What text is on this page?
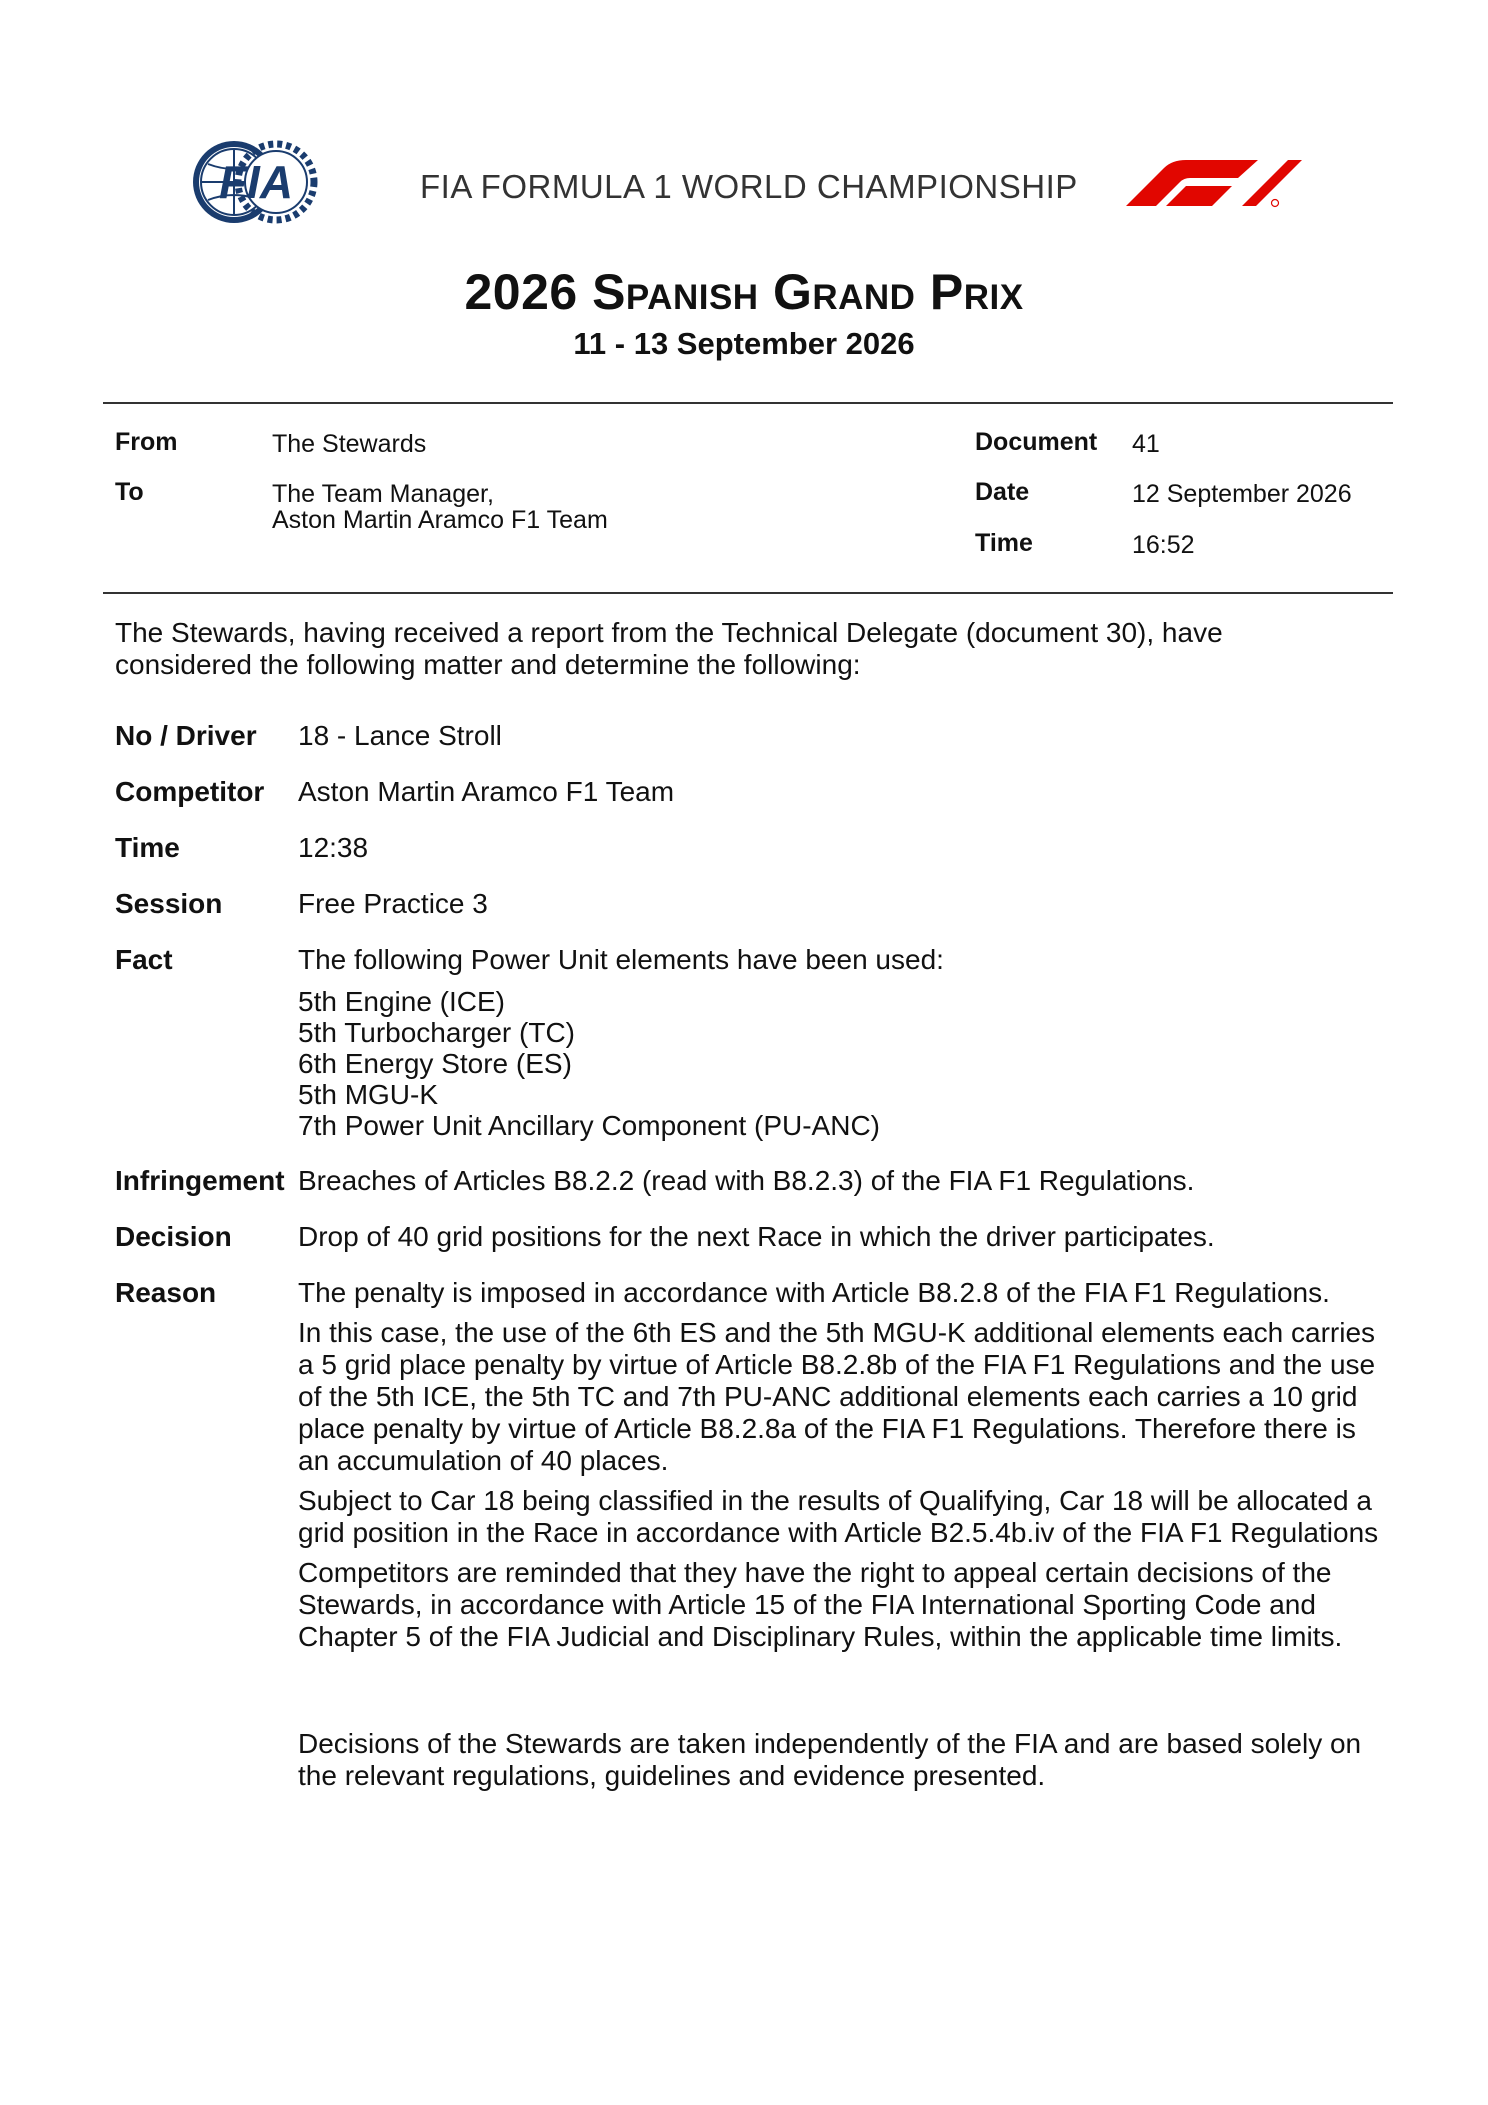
FIA	FIA FORMULA 1 WORLD CHAMPIONSHIP
2026 Spanish Grand Prix
11 - 13 September 2026
From	The Stewards
To	The Team Manager,
Aston Martin Aramco F1 Team
Document 41
Date	12 September 2026
Time	16:52
The Stewards, having received a report from the Technical Delegate (document 30), have considered the following matter and determine the following:
No / Driver	18 - Lance Stroll
Competitor	Aston Martin Aramco F1 Team
Time	12:38
Session	Free Practice 3
Fact	The following Power Unit elements have been used:
5th Engine (ICE)
5th Turbocharger (TC)
6th Energy Store (ES)
5th MGU-K
7th Power Unit Ancillary Component (PU-ANC)
Infringement Breaches of Articles B8.2.2 (read with B8.2.3) of the FIA F1 Regulations.
Decision	Drop of 40 grid positions for the next Race in which the driver participates.
Reason	The penalty is imposed in accordance with Article B8.2.8 of the FIA F1 Regulations.

In this case, the use of the 6th ES and the 5th MGU-K additional elements each carries a 5 grid place penalty by virtue of Article B8.2.8b of the FIA F1 Regulations and the use of the 5th ICE, the 5th TC and 7th PU-ANC additional elements each carries a 10 grid place penalty by virtue of Article B8.2.8a of the FIA F1 Regulations. Therefore there is an accumulation of 40 places.

Subject to Car 18 being classified in the results of Qualifying, Car 18 will be allocated a grid position in the Race in accordance with Article B2.5.4b.iv of the FIA F1 Regulations

Competitors are reminded that they have the right to appeal certain decisions of the Stewards, in accordance with Article 15 of the FIA International Sporting Code and Chapter 5 of the FIA Judicial and Disciplinary Rules, within the applicable time limits.

Decisions of the Stewards are taken independently of the FIA and are based solely on the relevant regulations, guidelines and evidence presented.
